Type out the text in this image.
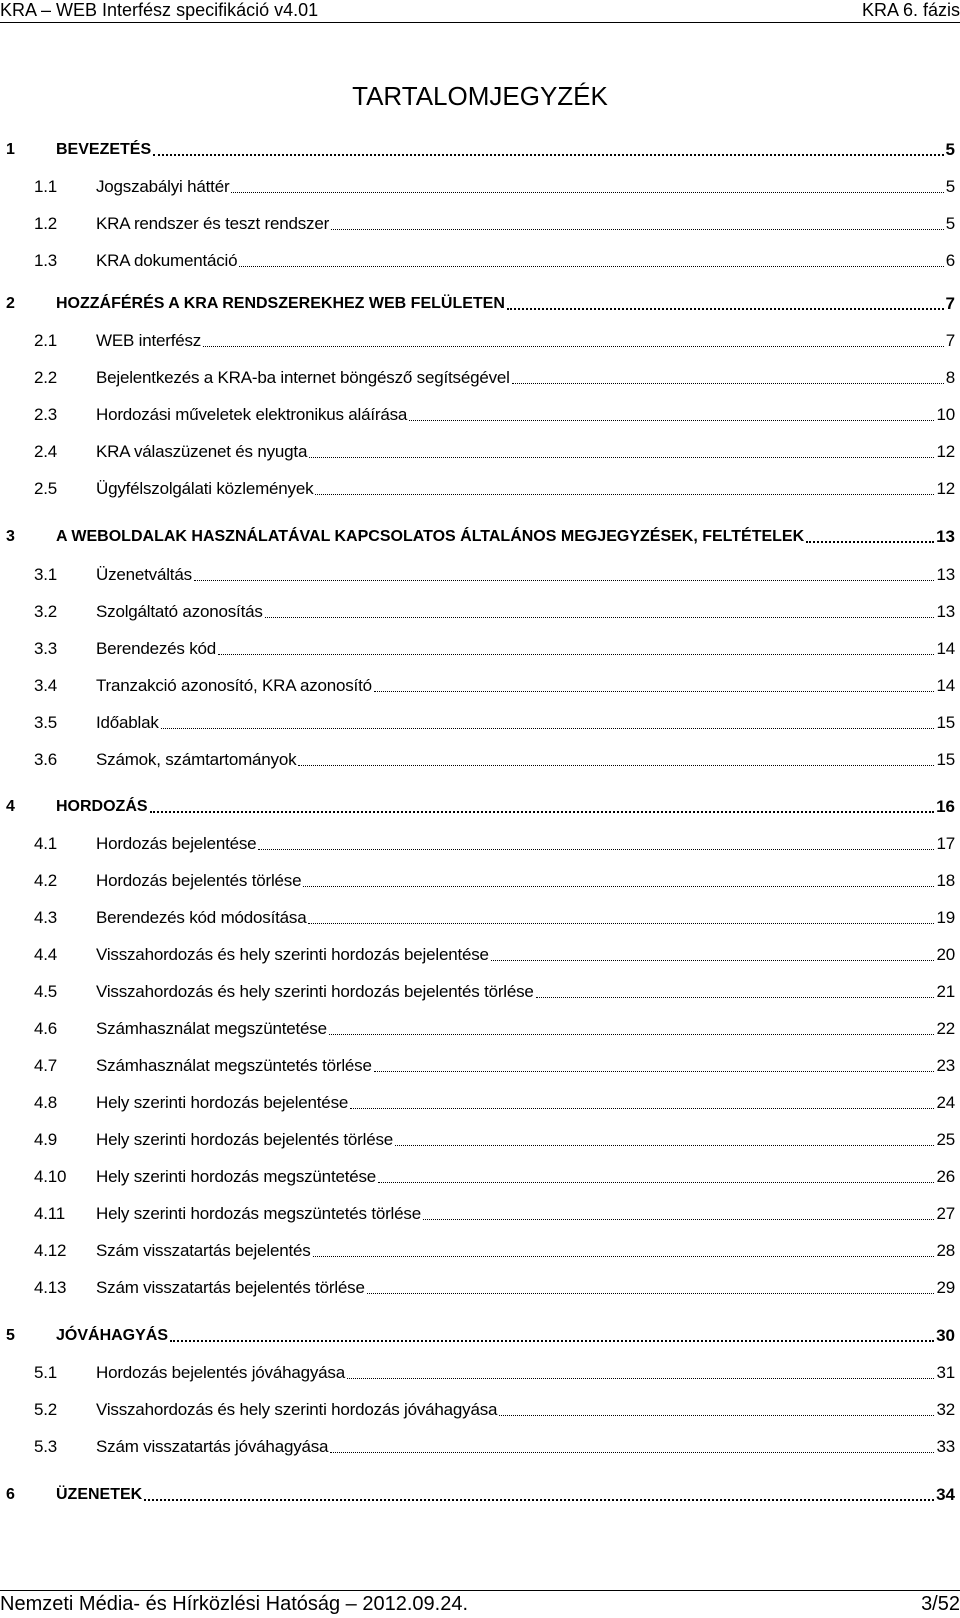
KRA – WEB Interfész specifikáció v4.01	KRA 6. fázis
TARTALOMJEGYZÉK
1	BEVEZETÉS	5
1.1	Jogszabályi háttér	5
1.2	KRA rendszer és teszt rendszer	5
1.3	KRA dokumentáció	6
2	HOZZÁFÉRÉS A KRA RENDSZEREKHEZ WEB FELÜLETEN	7
2.1	WEB interfész	7
2.2	Bejelentkezés a KRA-ba internet böngésző segítségével	8
2.3	Hordozási műveletek elektronikus aláírása	10
2.4	KRA válaszüzenet és nyugta	12
2.5	Ügyfélszolgálati közlemények	12
3	A WEBOLDALAK HASZNÁLATÁVAL KAPCSOLATOS ÁLTALÁNOS MEGJEGYZÉSEK, FELTÉTELEK	13
3.1	Üzenetváltás	13
3.2	Szolgáltató azonosítás	13
3.3	Berendezés kód	14
3.4	Tranzakció azonosító, KRA azonosító	14
3.5	Időablak	15
3.6	Számok, számtartományok	15
4	HORDOZÁS	16
4.1	Hordozás bejelentése	17
4.2	Hordozás bejelentés törlése	18
4.3	Berendezés kód módosítása	19
4.4	Visszahordozás és hely szerinti hordozás bejelentése	20
4.5	Visszahordozás és hely szerinti hordozás bejelentés törlése	21
4.6	Számhasználat megszüntetése	22
4.7	Számhasználat megszüntetés törlése	23
4.8	Hely szerinti hordozás bejelentése	24
4.9	Hely szerinti hordozás bejelentés törlése	25
4.10	Hely szerinti hordozás megszüntetése	26
4.11	Hely szerinti hordozás megszüntetés törlése	27
4.12	Szám visszatartás bejelentés	28
4.13	Szám visszatartás bejelentés törlése	29
5	JÓVÁHAGYÁS	30
5.1	Hordozás bejelentés jóváhagyása	31
5.2	Visszahordozás és hely szerinti hordozás jóváhagyása	32
5.3	Szám visszatartás jóváhagyása	33
6	ÜZENETEK	34
Nemzeti Média- és Hírközlési Hatóság – 2012.09.24.	3/52
